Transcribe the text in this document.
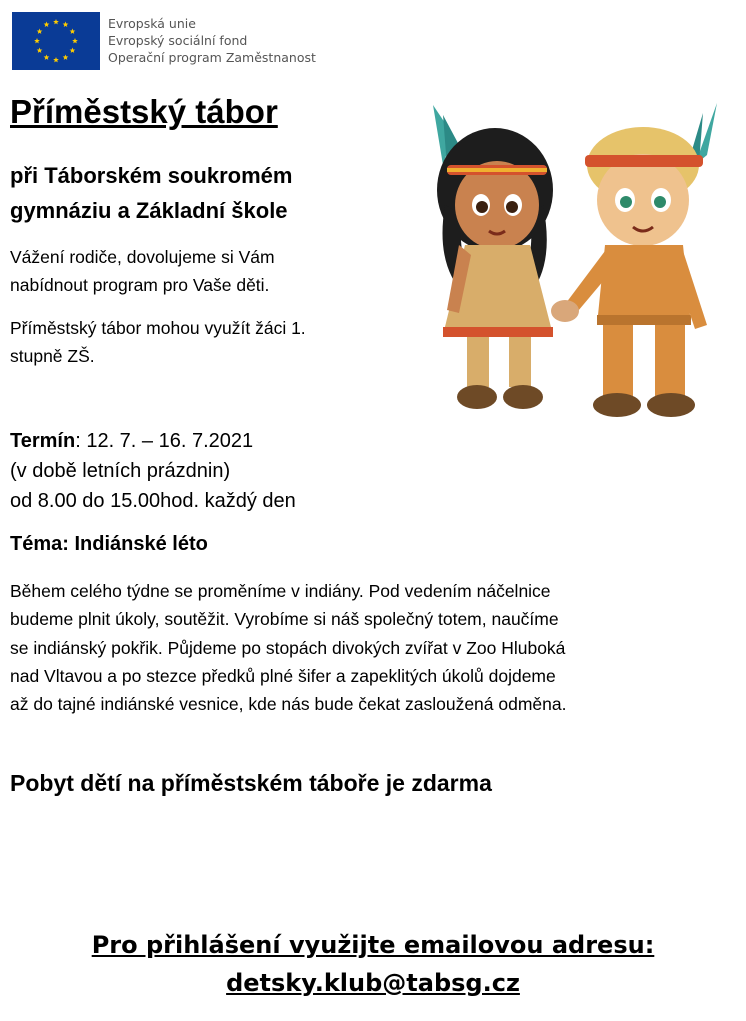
Evropská unie
Evropský sociální fond
Operační program Zaměstnanost
Příměstský tábor
při Táborském soukromém
gymnáziu a Základní škole
Vážení rodiče, dovolujeme si Vám
nabídnout program pro Vaše děti.
Příměstský tábor mohou využít žáci 1.
stupně ZŠ.
Termín: 12. 7. – 16. 7.2021
(v době letních prázdnin)
od 8.00 do 15.00hod. každý den
Téma: Indiánské léto
Během celého týdne se proměníme v indiány. Pod vedením náčelnice
budeme plnit úkoly, soutěžit. Vyrobíme si náš společný totem, naučíme
se indiánský pokřik. Půjdeme po stopách divokých zvířat v Zoo Hluboká
nad Vltavou a po stezce předků plné šifer a zapeklitých úkolů dojdeme
až do tajné indiánské vesnice, kde nás bude čekat zasloužená odměna.
Pobyt dětí na příměstském táboře je zdarma
Pro přihlášení využijte emailovou adresu:
detsky.klub@tabsg.cz
